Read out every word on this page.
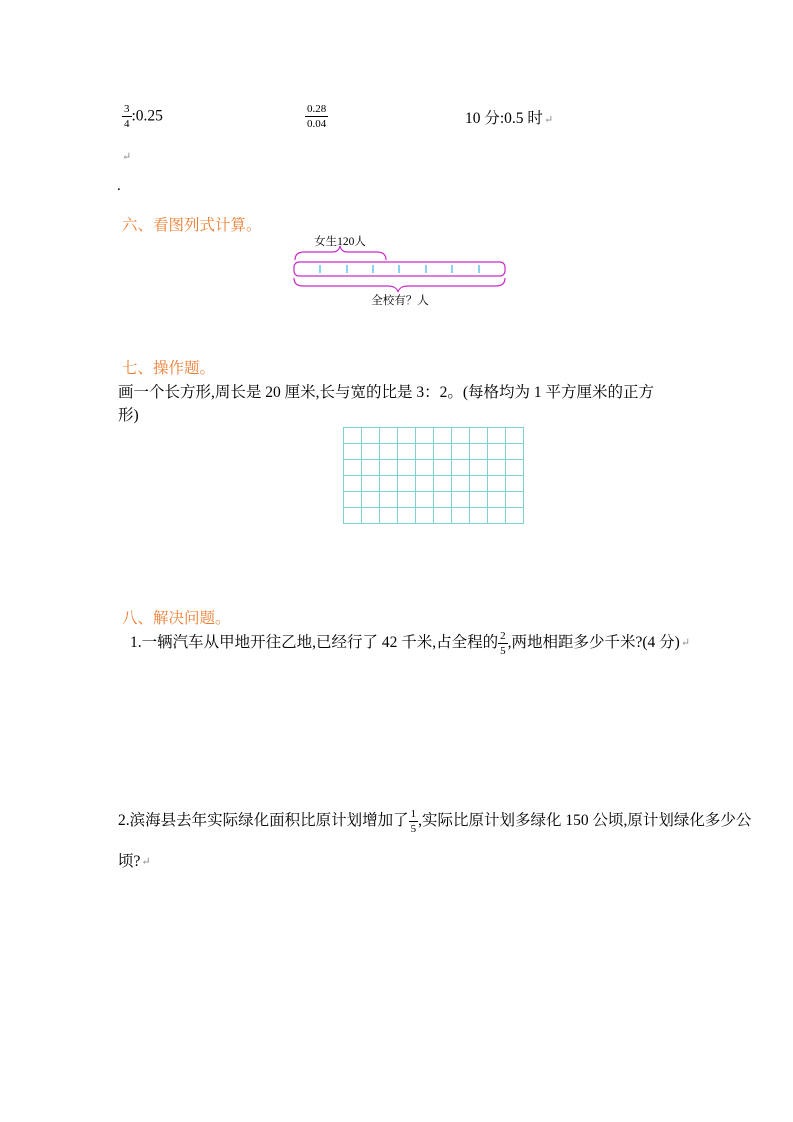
$\frac{3}{4}$ :0.25	$\frac{0.28}{0.04}$	10 分:0.5 时↵
↵
.
六、看图列式计算。
女生120人
全校有？人
七、操作题。
画一个长方形,周长是 20 厘米,长与宽的比是 3：2。(每格均为 1 平方厘米的正方
形)
八、解决问题。
1.一辆汽车从甲地开往乙地,已经行了 42 千米,占全程的 $\frac{2}{5}$ ,两地相距多少千米?(4 分)↵
2.滨海县去年实际绿化面积比原计划增加了 $\frac{1}{5}$ ,实际比原计划多绿化 150 公顷,原计划绿化多少公
顷?↵
